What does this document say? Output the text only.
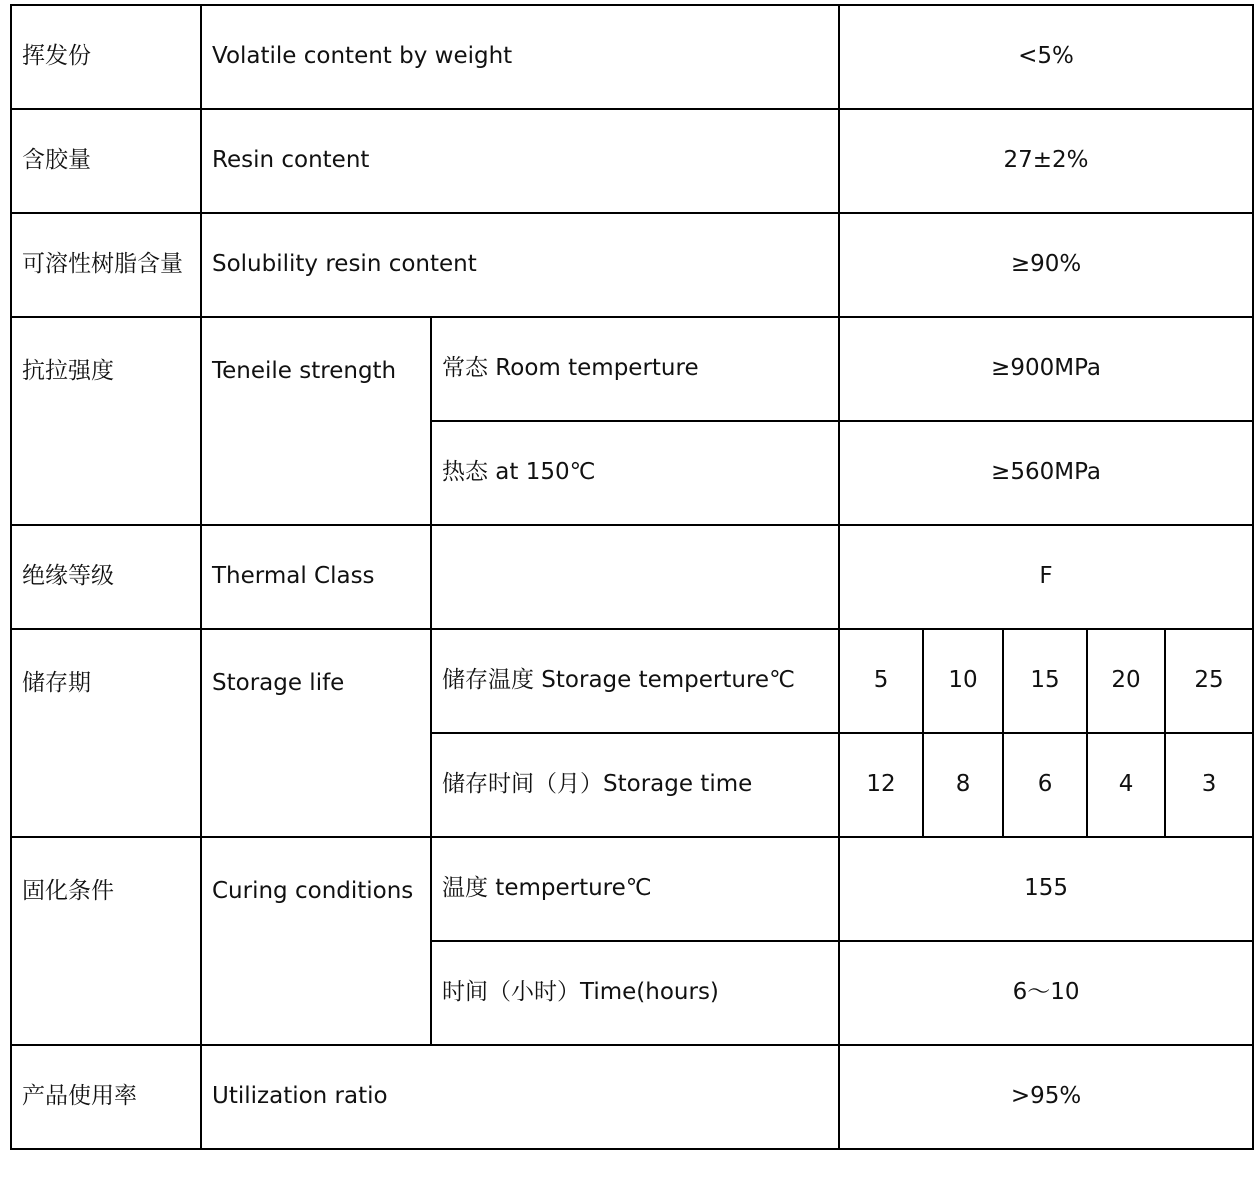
挥发份	Volatile content by weight		<5%				
含胶量	Resin content		27±2%				
可溶性树脂含量	Solubility resin content		≥90%				
抗拉强度	Teneile strength	常态 Room temperture	≥900MPa				
		热态 at 150℃	≥560MPa				
绝缘等级	Thermal Class		F				
储存期	Storage life	储存温度 Storage temperture℃	5	10	15	20	25
		储存时间（月）Storage time	12	8	6	4	3
固化条件	Curing conditions	温度 temperture℃	155				
		时间（小时）Time(hours)	6～10				
产品使用率	Utilization ratio		>95%				
